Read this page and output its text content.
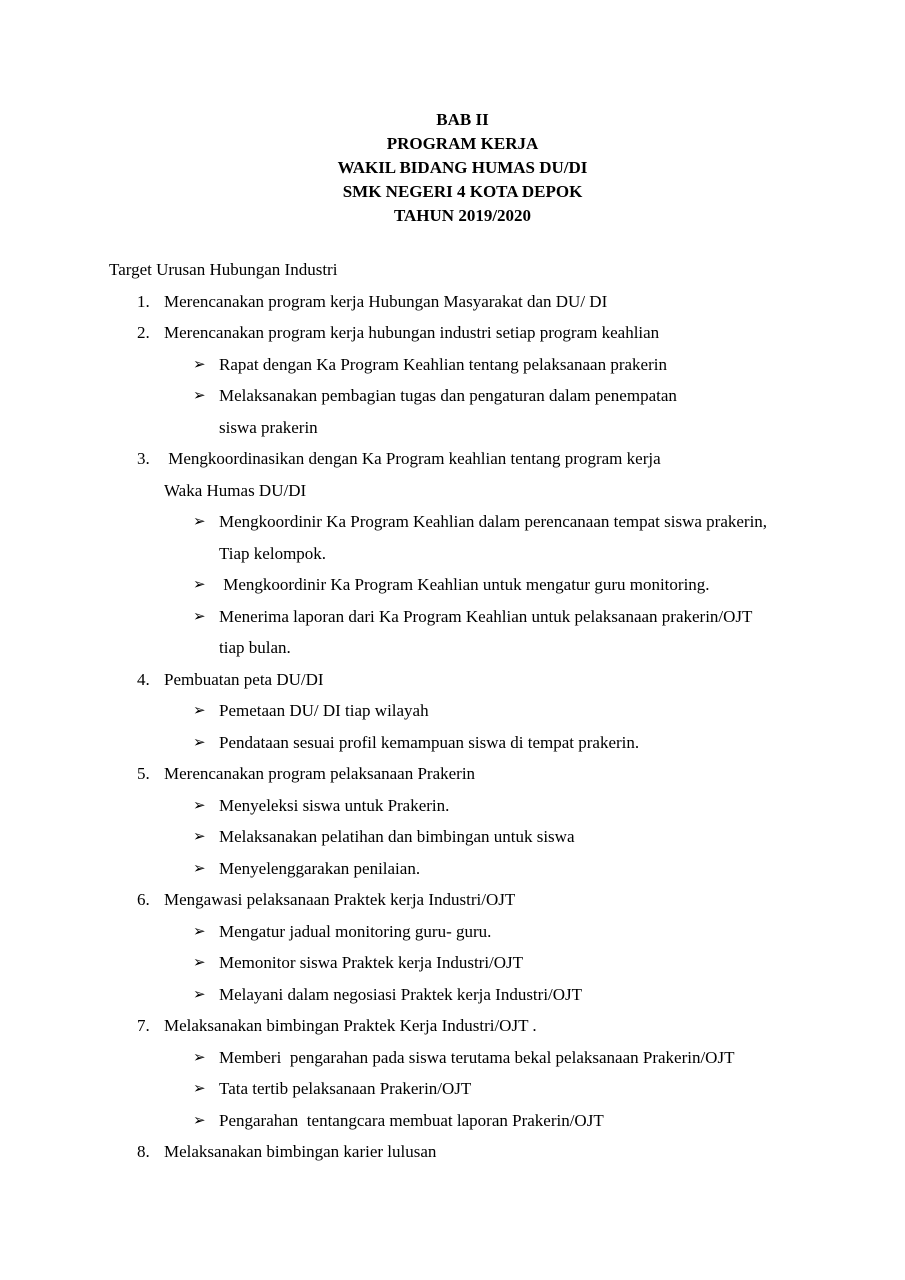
BAB II
PROGRAM KERJA
WAKIL BIDANG HUMAS DU/DI
SMK NEGERI 4 KOTA DEPOK
TAHUN 2019/2020
Target Urusan Hubungan Industri
1. Merencanakan program kerja Hubungan Masyarakat dan DU/ DI
2. Merencanakan program kerja hubungan industri setiap program keahlian
➢ Rapat dengan Ka Program Keahlian tentang pelaksanaan prakerin
➢ Melaksanakan pembagian tugas dan pengaturan dalam penempatan
siswa prakerin
3. Mengkoordinasikan dengan Ka Program keahlian tentang program kerja
Waka Humas DU/DI
➢ Mengkoordinir Ka Program Keahlian dalam perencanaan tempat siswa prakerin,
Tiap kelompok.
➢ Mengkoordinir Ka Program Keahlian untuk mengatur guru monitoring.
➢ Menerima laporan dari Ka Program Keahlian untuk pelaksanaan prakerin/OJT
tiap bulan.
4. Pembuatan peta DU/DI
➢ Pemetaan DU/ DI tiap wilayah
➢ Pendataan sesuai profil kemampuan siswa di tempat prakerin.
5. Merencanakan program pelaksanaan Prakerin
➢ Menyeleksi siswa untuk Prakerin.
➢ Melaksanakan pelatihan dan bimbingan untuk siswa
➢ Menyelenggarakan penilaian.
6. Mengawasi pelaksanaan Praktek kerja Industri/OJT
➢ Mengatur jadual monitoring guru- guru.
➢ Memonitor siswa Praktek kerja Industri/OJT
➢ Melayani dalam negosiasi Praktek kerja Industri/OJT
7. Melaksanakan bimbingan Praktek Kerja Industri/OJT .
➢ Memberi  pengarahan pada siswa terutama bekal pelaksanaan Prakerin/OJT
➢ Tata tertib pelaksanaan Prakerin/OJT
➢ Pengarahan  tentangcara membuat laporan Prakerin/OJT
8. Melaksanakan bimbingan karier lulusan
